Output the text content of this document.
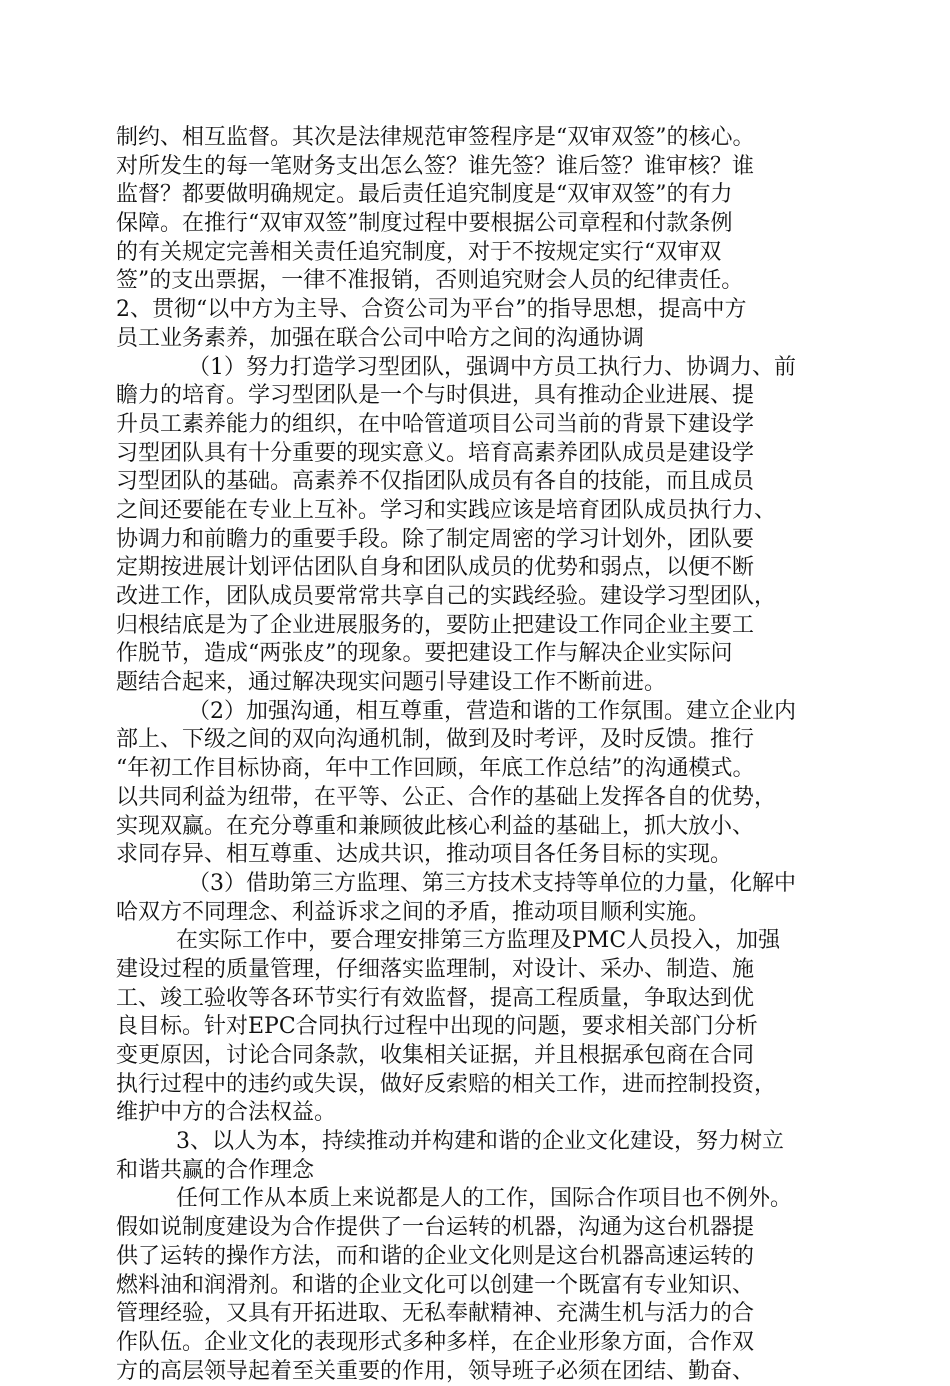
制约、相互监督。其次是法律规范审签程序是“双审双签”的核心。
对所发生的每一笔财务支出怎么签？谁先签？谁后签？谁审核？谁
监督？都要做明确规定。最后责任追究制度是“双审双签”的有力
保障。在推行“双审双签”制度过程中要根据公司章程和付款条例
的有关规定完善相关责任追究制度，对于不按规定实行“双审双
签”的支出票据，一律不准报销，否则追究财会人员的纪律责任。
2、贯彻“以中方为主导、合资公司为平台”的指导思想，提高中方
员工业务素养，加强在联合公司中哈方之间的沟通协调
（1）努力打造学习型团队，强调中方员工执行力、协调力、前
瞻力的培育。学习型团队是一个与时俱进，具有推动企业进展、提
升员工素养能力的组织，在中哈管道项目公司当前的背景下建设学
习型团队具有十分重要的现实意义。培育高素养团队成员是建设学
习型团队的基础。高素养不仅指团队成员有各自的技能，而且成员
之间还要能在专业上互补。学习和实践应该是培育团队成员执行力、
协调力和前瞻力的重要手段。除了制定周密的学习计划外，团队要
定期按进展计划评估团队自身和团队成员的优势和弱点，以便不断
改进工作，团队成员要常常共享自己的实践经验。建设学习型团队，
归根结底是为了企业进展服务的，要防止把建设工作同企业主要工
作脱节，造成“两张皮”的现象。要把建设工作与解决企业实际问
题结合起来，通过解决现实问题引导建设工作不断前进。
（2）加强沟通，相互尊重，营造和谐的工作氛围。建立企业内
部上、下级之间的双向沟通机制，做到及时考评，及时反馈。推行
“年初工作目标协商，年中工作回顾，年底工作总结”的沟通模式。
以共同利益为纽带，在平等、公正、合作的基础上发挥各自的优势，
实现双赢。在充分尊重和兼顾彼此核心利益的基础上，抓大放小、
求同存异、相互尊重、达成共识，推动项目各任务目标的实现。
（3）借助第三方监理、第三方技术支持等单位的力量，化解中
哈双方不同理念、利益诉求之间的矛盾，推动项目顺利实施。
在实际工作中，要合理安排第三方监理及PMC人员投入，加强
建设过程的质量管理，仔细落实监理制，对设计、采办、制造、施
工、竣工验收等各环节实行有效监督，提高工程质量，争取达到优
良目标。针对EPC合同执行过程中出现的问题，要求相关部门分析
变更原因，讨论合同条款，收集相关证据，并且根据承包商在合同
执行过程中的违约或失误，做好反索赔的相关工作，进而控制投资，
维护中方的合法权益。
3、以人为本，持续推动并构建和谐的企业文化建设，努力树立
和谐共赢的合作理念
任何工作从本质上来说都是人的工作，国际合作项目也不例外。
假如说制度建设为合作提供了一台运转的机器，沟通为这台机器提
供了运转的操作方法，而和谐的企业文化则是这台机器高速运转的
燃料油和润滑剂。和谐的企业文化可以创建一个既富有专业知识、
管理经验，又具有开拓进取、无私奉献精神、充满生机与活力的合
作队伍。企业文化的表现形式多种多样，在企业形象方面，合作双
方的高层领导起着至关重要的作用，领导班子必须在团结、勤奋、
